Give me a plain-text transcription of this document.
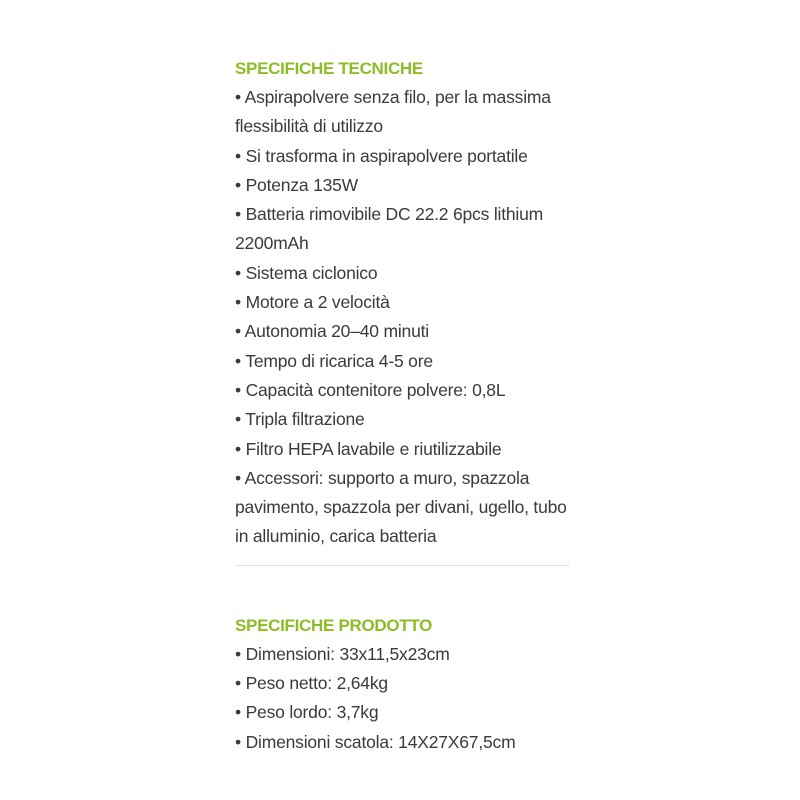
SPECIFICHE TECNICHE
• Aspirapolvere senza filo, per la massima flessibilità di utilizzo
• Si trasforma in aspirapolvere portatile
• Potenza 135W
• Batteria rimovibile DC 22.2 6pcs lithium 2200mAh
• Sistema ciclonico
• Motore a 2 velocità
• Autonomia 20–40 minuti
• Tempo di ricarica 4-5 ore
• Capacità contenitore polvere: 0,8L
• Tripla filtrazione
• Filtro HEPA lavabile e riutilizzabile
• Accessori: supporto a muro, spazzola pavimento, spazzola per divani, ugello, tubo in alluminio, carica batteria
SPECIFICHE PRODOTTO
• Dimensioni: 33x11,5x23cm
• Peso netto: 2,64kg
• Peso lordo: 3,7kg
• Dimensioni scatola: 14X27X67,5cm
